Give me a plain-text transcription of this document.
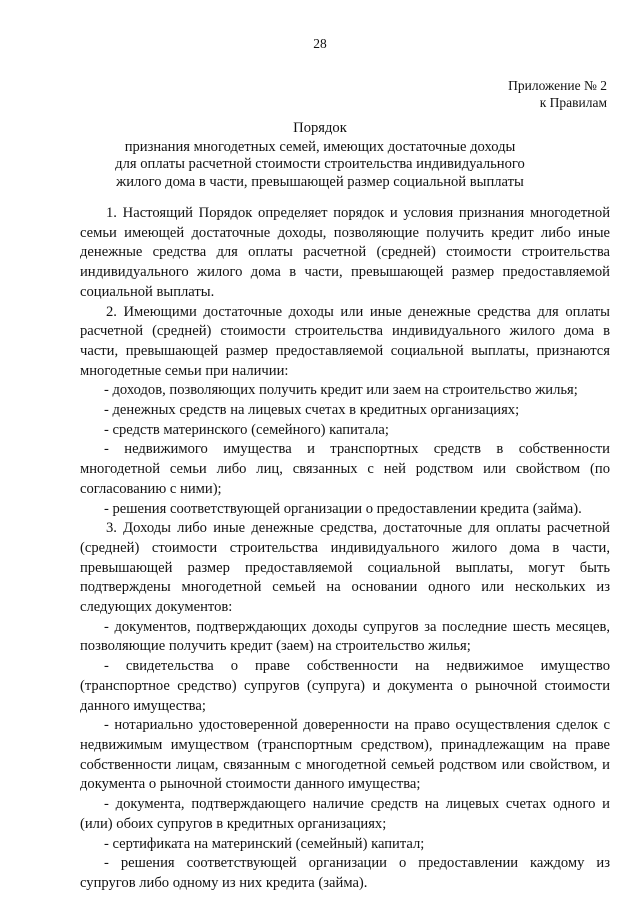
28
Приложение № 2
к Правилам
Порядок
признания многодетных семей, имеющих достаточные доходы
для оплаты расчетной стоимости строительства индивидуального
жилого дома в части, превышающей размер социальной выплаты

1. Настоящий Порядок определяет порядок и условия признания многодетной семьи имеющей достаточные доходы, позволяющие получить кредит либо иные денежные средства для оплаты расчетной (средней) стоимости строительства индивидуального жилого дома в части, превышающей размер предоставляемой социальной выплаты.

2. Имеющими достаточные доходы или иные денежные средства для оплаты расчетной (средней) стоимости строительства индивидуального жилого дома в части, превышающей размер предоставляемой социальной выплаты, признаются многодетные семьи при наличии:

- доходов, позволяющих получить кредит или заем на строительство жилья;

- денежных средств на лицевых счетах в кредитных организациях;

- средств материнского (семейного) капитала;

- недвижимого имущества и транспортных средств в собственности многодетной семьи либо лиц, связанных с ней родством или свойством (по согласованию с ними);

- решения соответствующей организации о предоставлении кредита (займа).

3. Доходы либо иные денежные средства, достаточные для оплаты расчетной (средней) стоимости строительства индивидуального жилого дома в части, превышающей размер предоставляемой социальной выплаты, могут быть подтверждены многодетной семьей на основании одного или нескольких из следующих документов:

- документов, подтверждающих доходы супругов за последние шесть месяцев, позволяющие получить кредит (заем) на строительство жилья;

- свидетельства о праве собственности на недвижимое имущество (транспортное средство) супругов (супруга) и документа о рыночной стоимости данного имущества;

- нотариально удостоверенной доверенности на право осуществления сделок с недвижимым имуществом (транспортным средством), принадлежащим на праве собственности лицам, связанным с многодетной семьей родством или свойством, и документа о рыночной стоимости данного имущества;

- документа, подтверждающего наличие средств на лицевых счетах одного и (или) обоих супругов в кредитных организациях;

- сертификата на материнский (семейный) капитал;

- решения соответствующей организации о предоставлении каждому из супругов либо одному из них кредита (займа).
